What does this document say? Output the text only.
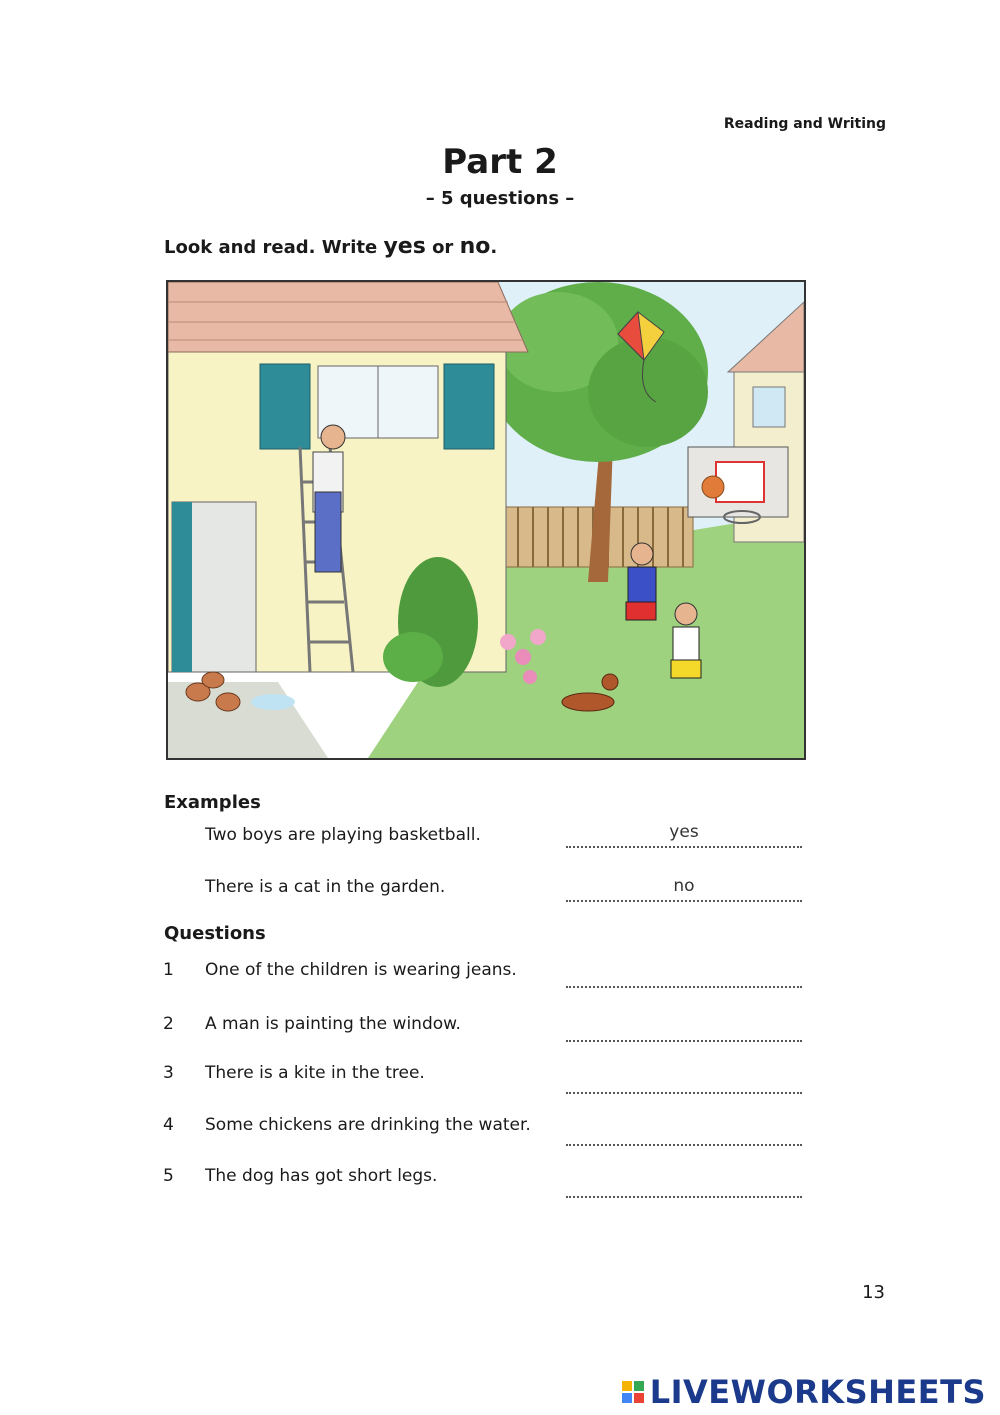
Reading and Writing
Part 2
– 5 questions –
Look and read. Write yes or no.
Examples
Two boys are playing basketball.	yes
There is a cat in the garden.	no
Questions
1 One of the children is wearing jeans.
2 A man is painting the window.
3 There is a kite in the tree.
4 Some chickens are drinking the water.
5 The dog has got short legs.
13
LIVEWORKSHEETS
